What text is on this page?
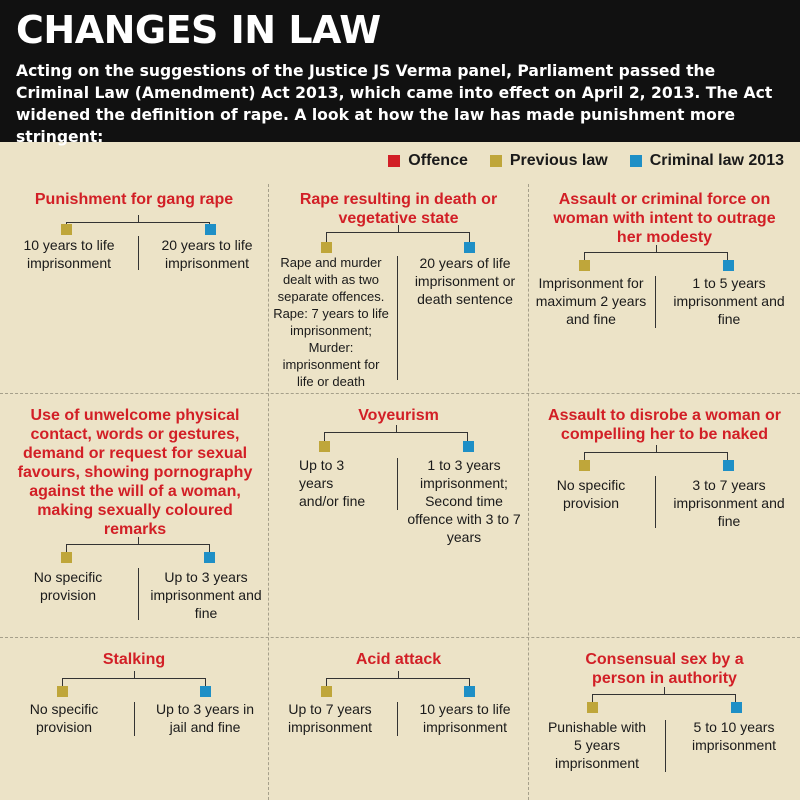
CHANGES IN LAW
Acting on the suggestions of the Justice JS Verma panel, Parliament passed the Criminal Law (Amendment) Act 2013, which came into effect on April 2, 2013. The Act widened the definition of rape. A look at how the law has made punishment more stringent:
Offence	Previous law	Criminal law 2013
Punishment for gang rape
10 years to life imprisonment
20 years to life imprisonment
Rape resulting in death or vegetative state
Rape and murder dealt with as two separate offences. Rape: 7 years to life imprisonment; Murder: imprisonment for life or death
20 years of life imprisonment or death sentence
Assault or criminal force on woman with intent to outrage her modesty
Imprisonment for maximum 2 years and fine
1 to 5 years imprisonment and fine
Use of unwelcome physical contact, words or gestures, demand or request for sexual favours, showing pornography against the will of a woman, making sexually coloured remarks
No specific provision
Up to 3 years imprisonment and fine
Voyeurism
Up to 3 years and/or fine
1 to 3 years imprisonment; Second time offence with 3 to 7 years
Assault to disrobe a woman or compelling her to be naked
No specific provision
3 to 7 years imprisonment and fine
Stalking
No specific provision
Up to 3 years in jail and fine
Acid attack
Up to 7 years imprisonment
10 years to life imprisonment
Consensual sex by a person in authority
Punishable with 5 years imprisonment
5 to 10 years imprisonment
